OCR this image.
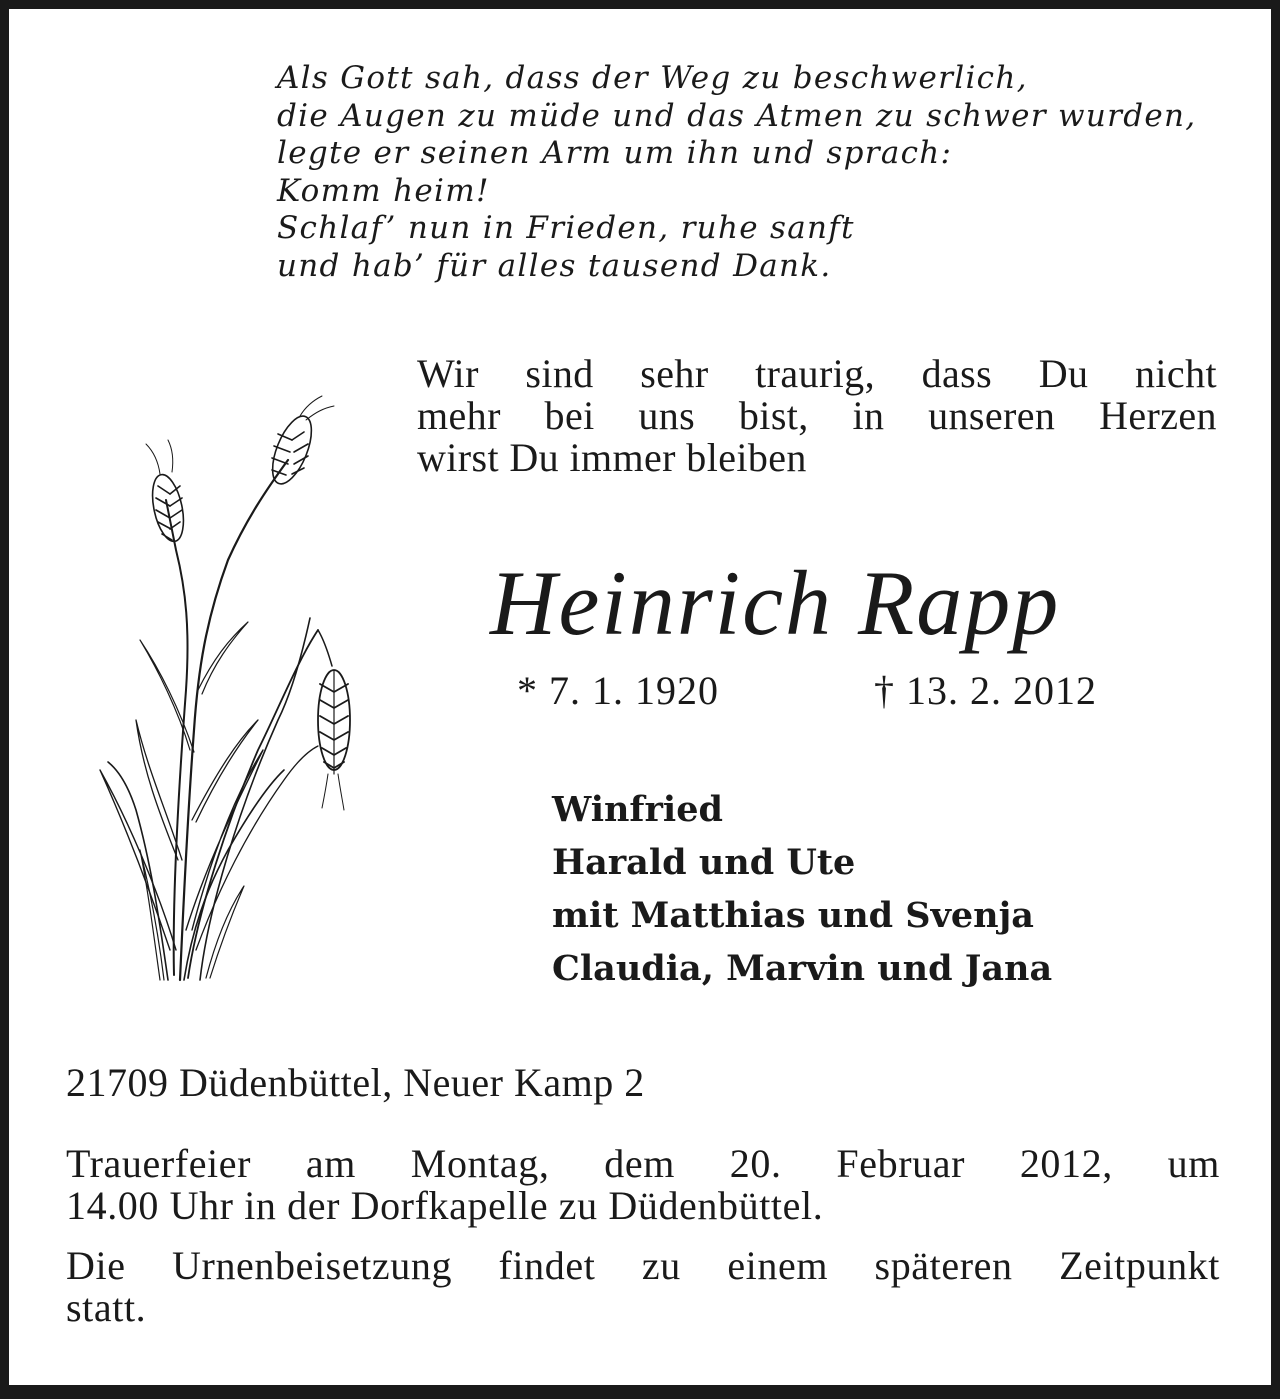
Als Gott sah, dass der Weg zu beschwerlich,
die Augen zu müde und das Atmen zu schwer wurden,
legte er seinen Arm um ihn und sprach:
Komm heim!
Schlaf’ nun in Frieden, ruhe sanft
und hab’ für alles tausend Dank.
Wir sind sehr traurig, dass Du nicht
mehr bei uns bist, in unseren Herzen
wirst Du immer bleiben
Heinrich Rapp
* 7. 1. 1920	† 13. 2. 2012
Winfried
Harald und Ute
mit Matthias und Svenja
Claudia, Marvin und Jana
21709 Düdenbüttel, Neuer Kamp 2
Trauerfeier am Montag, dem 20. Februar 2012, um
14.00 Uhr in der Dorfkapelle zu Düdenbüttel.
Die Urnenbeisetzung findet zu einem späteren Zeitpunkt
statt.
